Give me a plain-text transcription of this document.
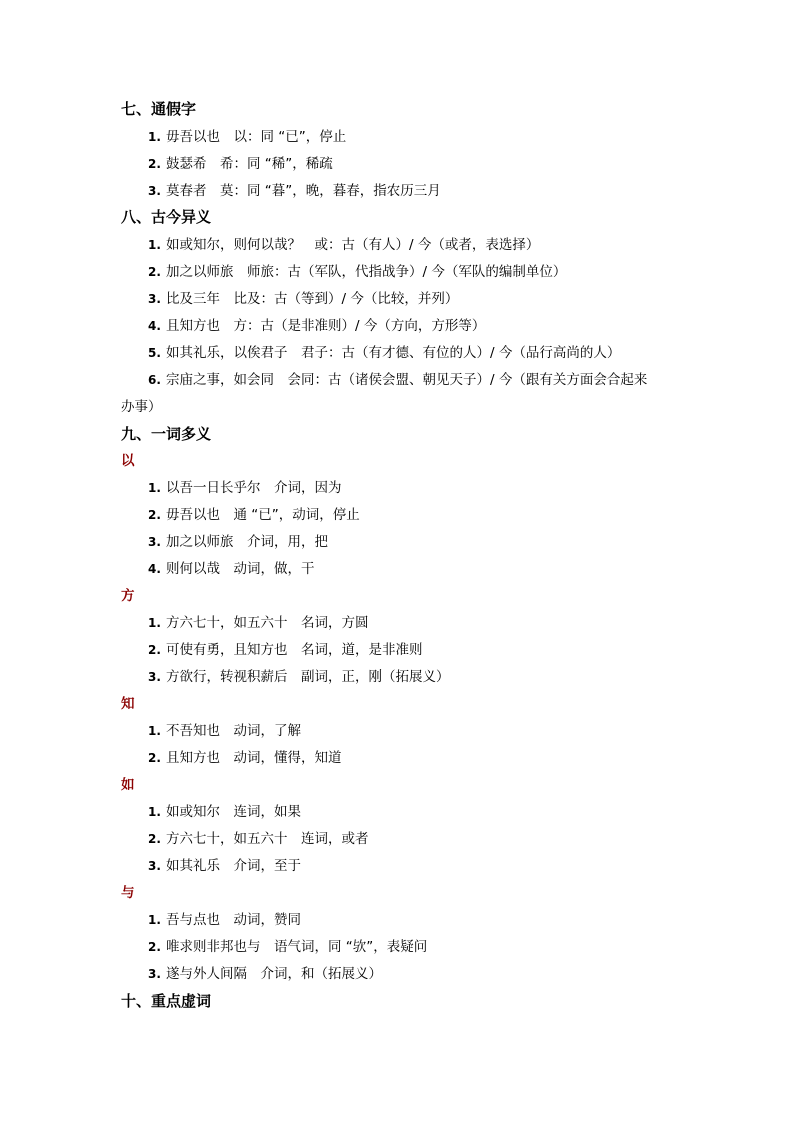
七、通假字
1. 毋吾以也　以：同 “已”，停止
2. 鼓瑟希　希：同 “稀”，稀疏
3. 莫春者　莫：同 “暮”，晚，暮春，指农历三月
八、古今异义
1. 如或知尔，则何以哉？　或：古（有人）/ 今（或者，表选择）
2. 加之以师旅　师旅：古（军队，代指战争）/ 今（军队的编制单位）
3. 比及三年　比及：古（等到）/ 今（比较，并列）
4. 且知方也　方：古（是非准则）/ 今（方向，方形等）
5. 如其礼乐，以俟君子　君子：古（有才德、有位的人）/ 今（品行高尚的人）
6. 宗庙之事，如会同　会同：古（诸侯会盟、朝见天子）/ 今（跟有关方面会合起来
办事）
九、一词多义
以
1. 以吾一日长乎尔　介词，因为
2. 毋吾以也　通 “已”，动词，停止
3. 加之以师旅　介词，用，把
4. 则何以哉　动词，做，干
方
1. 方六七十，如五六十　名词，方圆
2. 可使有勇，且知方也　名词，道，是非准则
3. 方欲行，转视积薪后　副词，正，刚（拓展义）
知
1. 不吾知也　动词，了解
2. 且知方也　动词，懂得，知道
如
1. 如或知尔　连词，如果
2. 方六七十，如五六十　连词，或者
3. 如其礼乐　介词，至于
与
1. 吾与点也　动词，赞同
2. 唯求则非邦也与　语气词，同 “欤”，表疑问
3. 遂与外人间隔　介词，和（拓展义）
十、重点虚词
